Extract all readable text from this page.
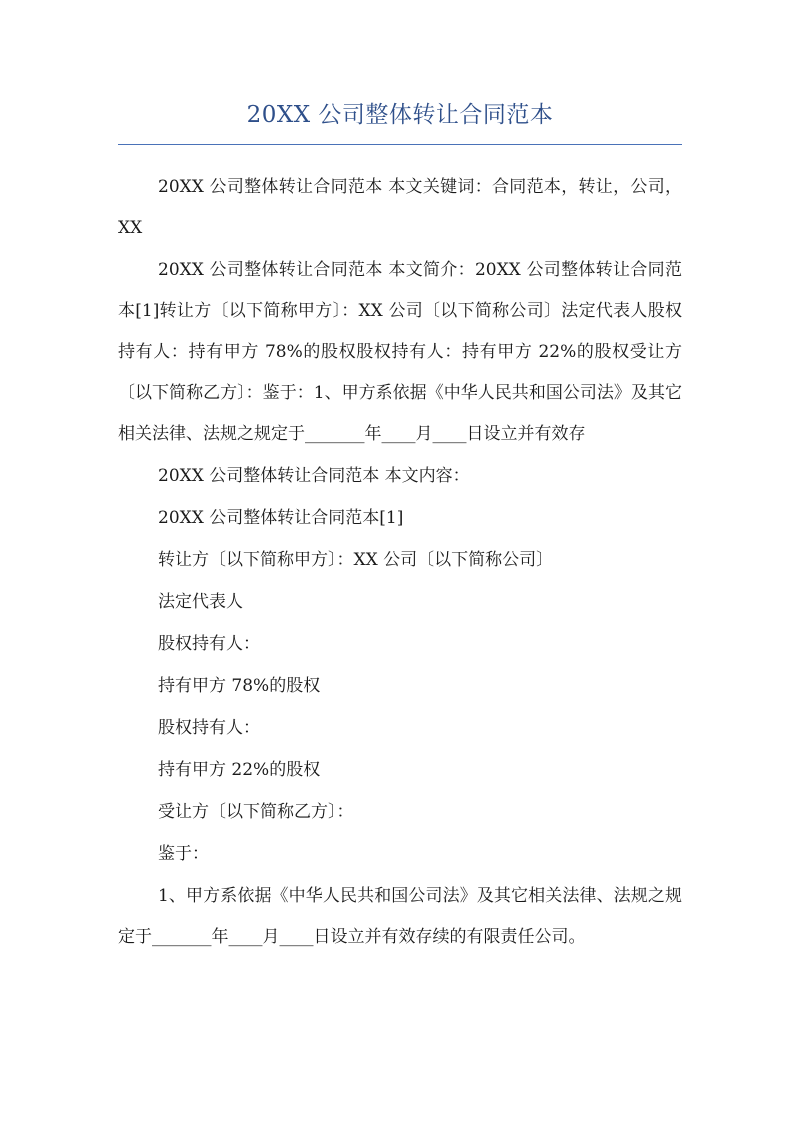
20XX 公司整体转让合同范本

20XX 公司整体转让合同范本 本文关键词：合同范本，转让，公司，XX

20XX 公司整体转让合同范本 本文简介：20XX 公司整体转让合同范本[1]转让方〔以下简称甲方〕：XX 公司〔以下简称公司〕法定代表人股权持有人：持有甲方 78%的股权股权持有人：持有甲方 22%的股权受让方〔以下简称乙方〕：鉴于：1、甲方系依据《中华人民共和国公司法》及其它相关法律、法规之规定于_______年____月____日设立并有效存

20XX 公司整体转让合同范本 本文内容：

20XX 公司整体转让合同范本[1]

转让方〔以下简称甲方〕：XX 公司〔以下简称公司〕

法定代表人

股权持有人：

持有甲方 78%的股权

股权持有人：

持有甲方 22%的股权

受让方〔以下简称乙方〕：

鉴于：

1、甲方系依据《中华人民共和国公司法》及其它相关法律、法规之规定于_______年____月____日设立并有效存续的有限责任公司。
